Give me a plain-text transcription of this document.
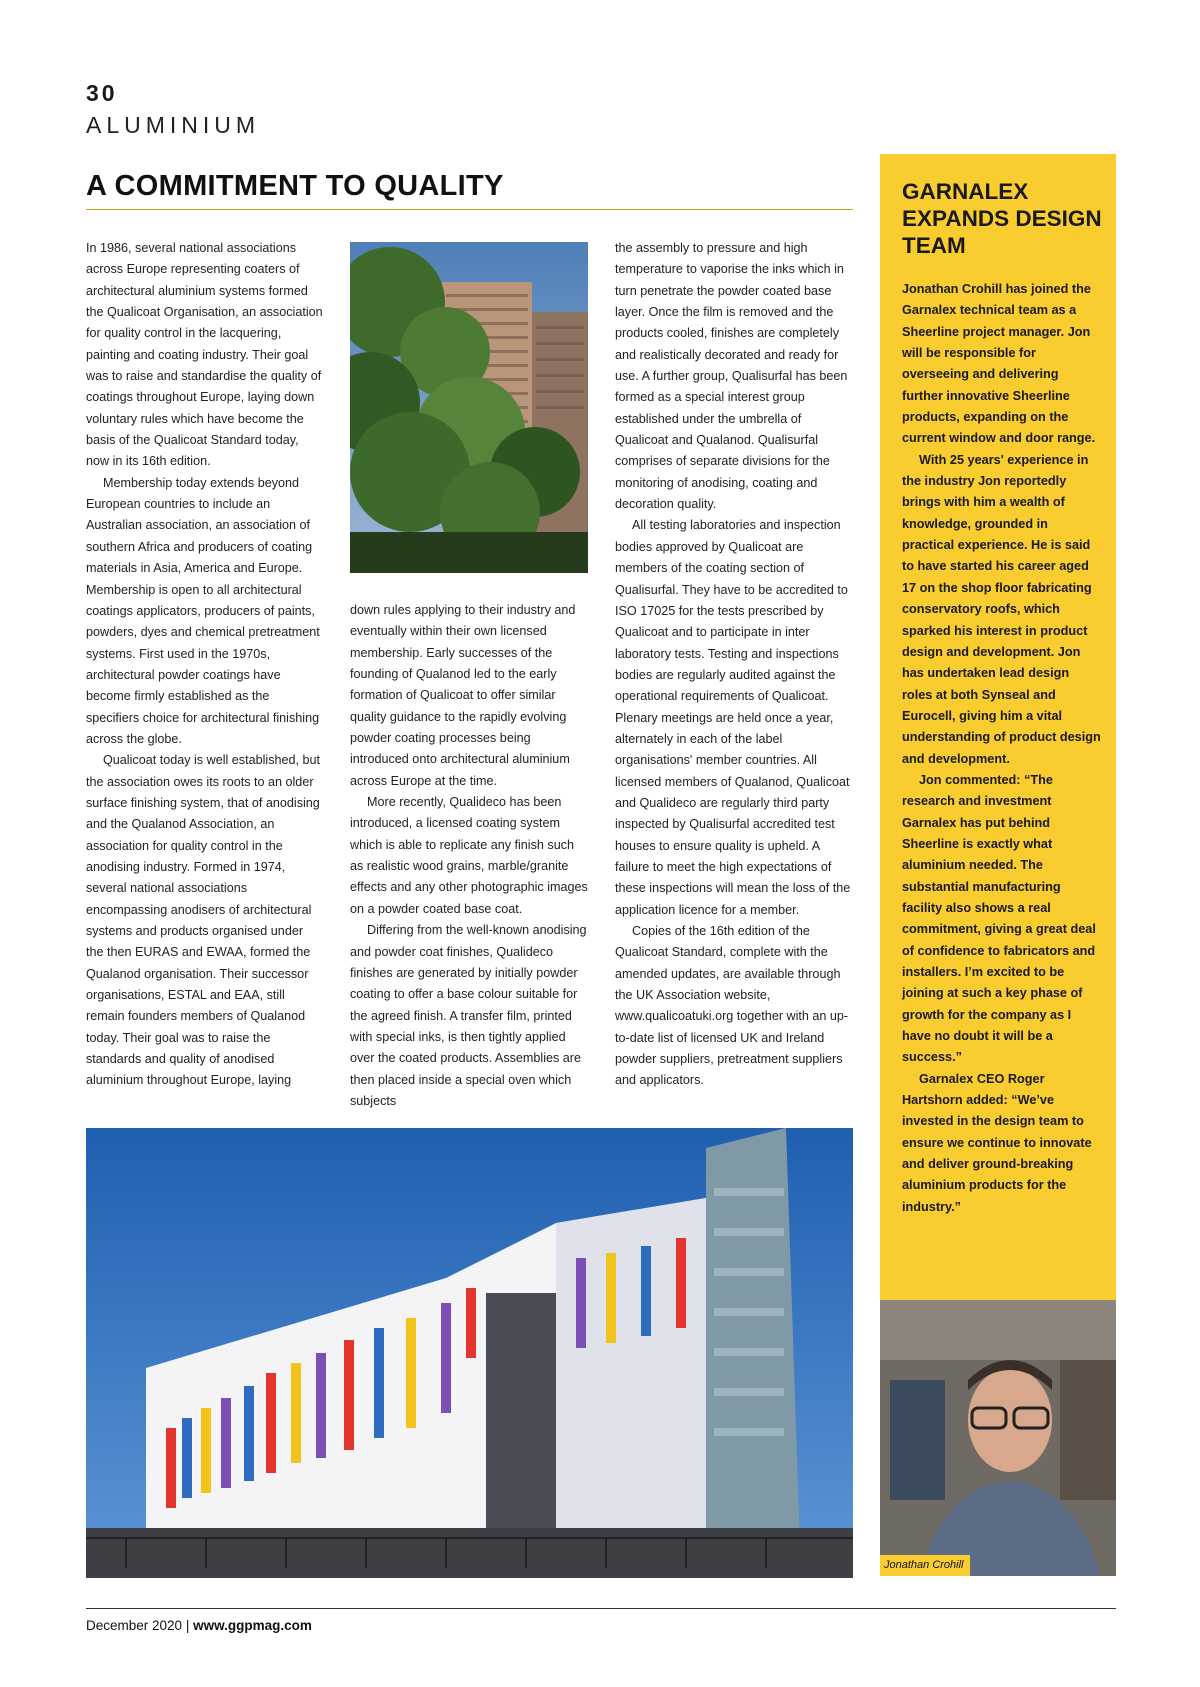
30
ALUMINIUM
A COMMITMENT TO QUALITY

In 1986, several national associations across Europe representing coaters of architectural aluminium systems formed the Qualicoat Organisation, an association for quality control in the lacquering, painting and coating industry. Their goal was to raise and standardise the quality of coatings throughout Europe, laying down voluntary rules which have become the basis of the Qualicoat Standard today, now in its 16th edition.

Membership today extends beyond European countries to include an Australian association, an association of southern Africa and producers of coating materials in Asia, America and Europe. Membership is open to all architectural coatings applicators, producers of paints, powders, dyes and chemical pretreatment systems. First used in the 1970s, architectural powder coatings have become firmly established as the specifiers choice for architectural finishing across the globe.

Qualicoat today is well established, but the association owes its roots to an older surface finishing system, that of anodising and the Qualanod Association, an association for quality control in the anodising industry. Formed in 1974, several national associations encompassing anodisers of architectural systems and products organised under the then EURAS and EWAA, formed the Qualanod organisation. Their successor organisations, ESTAL and EAA, still remain founders members of Qualanod today. Their goal was to raise the standards and quality of anodised aluminium throughout Europe, laying

down rules applying to their industry and eventually within their own licensed membership. Early successes of the founding of Qualanod led to the early formation of Qualicoat to offer similar quality guidance to the rapidly evolving powder coating processes being introduced onto architectural aluminium across Europe at the time.

More recently, Qualideco has been introduced, a licensed coating system which is able to replicate any finish such as realistic wood grains, marble/granite effects and any other photographic images on a powder coated base coat.

Differing from the well-known anodising and powder coat finishes, Qualideco finishes are generated by initially powder coating to offer a base colour suitable for the agreed finish. A transfer film, printed with special inks, is then tightly applied over the coated products. Assemblies are then placed inside a special oven which subjects

the assembly to pressure and high temperature to vaporise the inks which in turn penetrate the powder coated base layer. Once the film is removed and the products cooled, finishes are completely and realistically decorated and ready for use. A further group, Qualisurfal has been formed as a special interest group established under the umbrella of Qualicoat and Qualanod. Qualisurfal comprises of separate divisions for the monitoring of anodising, coating and decoration quality.

All testing laboratories and inspection bodies approved by Qualicoat are members of the coating section of Qualisurfal. They have to be accredited to ISO 17025 for the tests prescribed by Qualicoat and to participate in inter laboratory tests. Testing and inspections bodies are regularly audited against the operational requirements of Qualicoat. Plenary meetings are held once a year, alternately in each of the label organisations' member countries. All licensed members of Qualanod, Qualicoat and Qualideco are regularly third party inspected by Qualisurfal accredited test houses to ensure quality is upheld. A failure to meet the high expectations of these inspections will mean the loss of the application licence for a member.

Copies of the 16th edition of the Qualicoat Standard, complete with the amended updates, are available through the UK Association website, www.qualicoatuki.org together with an up-to-date list of licensed UK and Ireland powder suppliers, pretreatment suppliers and applicators.

GARNALEX EXPANDS DESIGN TEAM

Jonathan Crohill has joined the Garnalex technical team as a Sheerline project manager. Jon will be responsible for overseeing and delivering further innovative Sheerline products, expanding on the current window and door range.

With 25 years' experience in the industry Jon reportedly brings with him a wealth of knowledge, grounded in practical experience. He is said to have started his career aged 17 on the shop floor fabricating conservatory roofs, which sparked his interest in product design and development. Jon has undertaken lead design roles at both Synseal and Eurocell, giving him a vital understanding of product design and development.

Jon commented: “The research and investment Garnalex has put behind Sheerline is exactly what aluminium needed. The substantial manufacturing facility also shows a real commitment, giving a great deal of confidence to fabricators and installers. I’m excited to be joining at such a key phase of growth for the company as I have no doubt it will be a success.”

Garnalex CEO Roger Hartshorn added: “We’ve invested in the design team to ensure we continue to innovate and deliver ground-breaking aluminium products for the industry.”

Jonathan Crohill
December 2020 | www.ggpmag.com
